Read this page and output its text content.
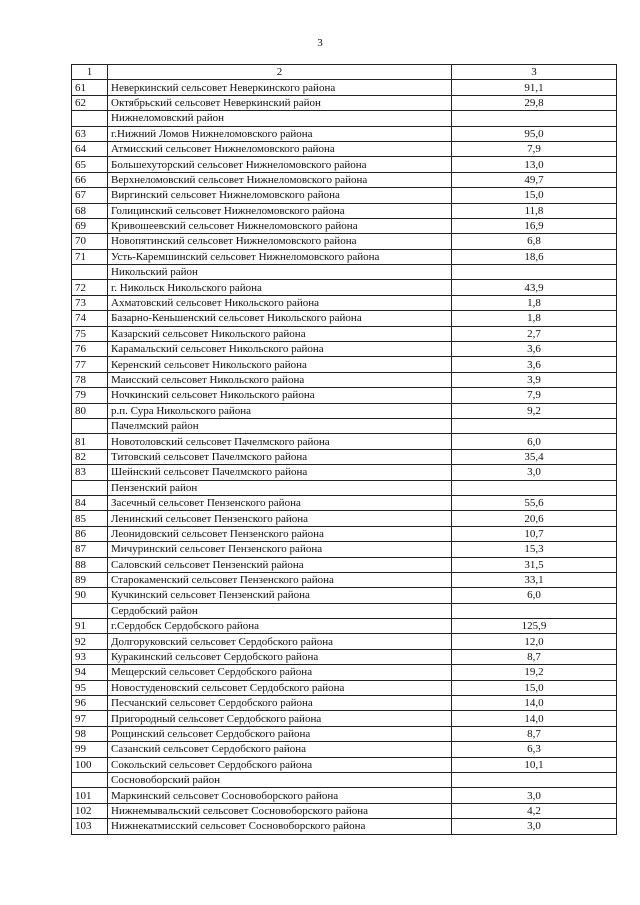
3
1	2	3
61	Неверкинский сельсовет Неверкинского района	91,1
62	Октябрьский сельсовет Неверкинский район	29,8
	Нижнеломовский район	
63	г.Нижний Ломов Нижнеломовского района	95,0
64	Атмисский сельсовет Нижнеломовского района	7,9
65	Большехуторский сельсовет Нижнеломовского района	13,0
66	Верхнеломовский сельсовет Нижнеломовского района	49,7
67	Виргинский сельсовет Нижнеломовского района	15,0
68	Голицинский сельсовет Нижнеломовского района	11,8
69	Кривошеевский сельсовет Нижнеломовского района	16,9
70	Новопятинский сельсовет Нижнеломовского района	6,8
71	Усть-Каремшинский сельсовет Нижнеломовского района	18,6
	Никольский район	
72	г. Никольск Никольского района	43,9
73	Ахматовский сельсовет Никольского района	1,8
74	Базарно-Кеньшенский сельсовет Никольского района	1,8
75	Казарский сельсовет Никольского района	2,7
76	Карамальский сельсовет Никольского района	3,6
77	Керенский сельсовет Никольского района	3,6
78	Маисский сельсовет Никольского района	3,9
79	Ночкинский сельсовет Никольского района	7,9
80	р.п. Сура Никольского района	9,2
	Пачелмский район	
81	Новотоловский сельсовет Пачелмского района	6,0
82	Титовский сельсовет Пачелмского района	35,4
83	Шейнский сельсовет Пачелмского района	3,0
	Пензенский район	
84	Засечный сельсовет Пензенского района	55,6
85	Ленинский сельсовет Пензенского района	20,6
86	Леонидовский сельсовет Пензенского района	10,7
87	Мичуринский сельсовет Пензенского района	15,3
88	Саловский сельсовет Пензенский района	31,5
89	Старокаменский сельсовет Пензенского района	33,1
90	Кучкинский сельсовет Пензенский района	6,0
	Сердобский район	
91	г.Сердобск Сердобского района	125,9
92	Долгоруковский сельсовет Сердобского района	12,0
93	Куракинский сельсовет Сердобского района	8,7
94	Мещерский сельсовет Сердобского района	19,2
95	Новостуденовский сельсовет Сердобского района	15,0
96	Песчанский сельсовет Сердобского района	14,0
97	Пригородный сельсовет Сердобского района	14,0
98	Рощинский сельсовет Сердобского района	8,7
99	Сазанский сельсовет Сердобского района	6,3
100	Сокольский сельсовет Сердобского района	10,1
	Сосновоборский район	
101	Маркинский сельсовет Сосновоборского района	3,0
102	Нижнемывальский сельсовет Сосновоборского района	4,2
103	Нижнекатмисский сельсовет Сосновоборского района	3,0
